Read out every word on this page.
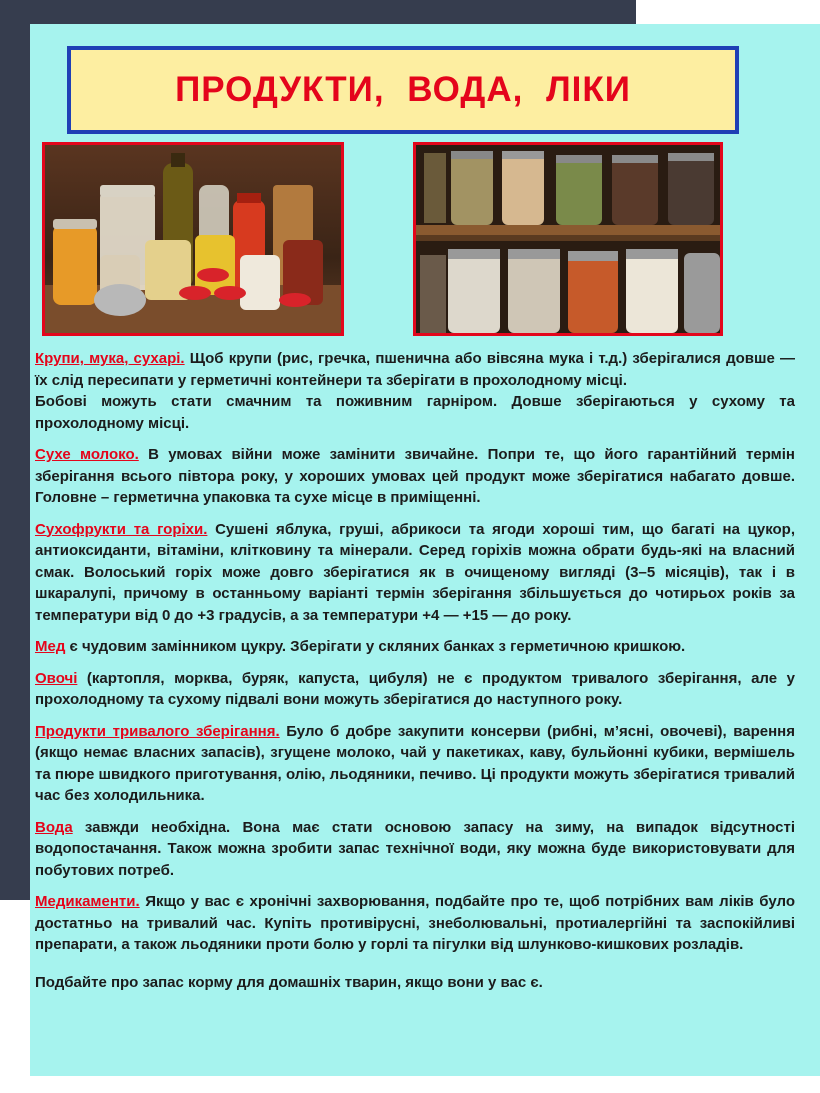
ПРОДУКТИ, ВОДА, ЛІКИ

Крупи, мука, сухарі. Щоб крупи (рис, гречка, пшенична або вівсяна мука і т.д.) зберігалися довше — їх слід пересипати у герметичні контейнери та зберігати в прохолодному місці.
Бобові можуть стати смачним та поживним гарніром. Довше зберігаються у сухому та прохолодному місці.

Сухе молоко. В умовах війни може замінити звичайне. Попри те, що його гарантійний термін зберігання всього півтора року, у хороших умовах цей продукт може зберігатися набагато довше. Головне – герметична упаковка та сухе місце в приміщенні.

Сухофрукти та горіхи. Сушені яблука, груші, абрикоси та ягоди хороші тим, що багаті на цукор, антиоксиданти, вітаміни, клітковину та мінерали. Серед горіхів можна обрати будь-які на власний смак. Волоський горіх може довго зберігатися як в очищеному вигляді (3–5 місяців), так і в шкаралупі, причому в останньому варіанті термін зберігання збільшується до чотирьох років за температури від 0 до +3 градусів, а за температури +4 — +15 — до року.

Мед є чудовим замінником цукру. Зберігати у скляних банках з герметичною кришкою.

Овочі (картопля, морква, буряк, капуста, цибуля) не є продуктом тривалого зберігання, але у прохолодному та сухому підвалі вони можуть зберігатися до наступного року.

Продукти тривалого зберігання. Було б добре закупити консерви (рибні, м’ясні, овочеві), варення (якщо немає власних запасів), згущене молоко, чай у пакетиках, каву, бульйонні кубики, вермішель та пюре швидкого приготування, олію, льодяники, печиво. Ці продукти можуть зберігатися тривалий час без холодильника.

Вода завжди необхідна. Вона має стати основою запасу на зиму, на випадок відсутності водопостачання. Також можна зробити запас технічної води, яку можна буде використовувати для побутових потреб.

Медикаменти. Якщо у вас є хронічні захворювання, подбайте про те, щоб потрібних вам ліків було достатньо на тривалий час. Купіть противірусні, знеболювальні, протиалергійні та заспокійливі препарати, а також льодяники проти болю у горлі та пігулки від шлунково-кишкових розладів.

Подбайте про запас корму для домашніх тварин, якщо вони у вас є.
